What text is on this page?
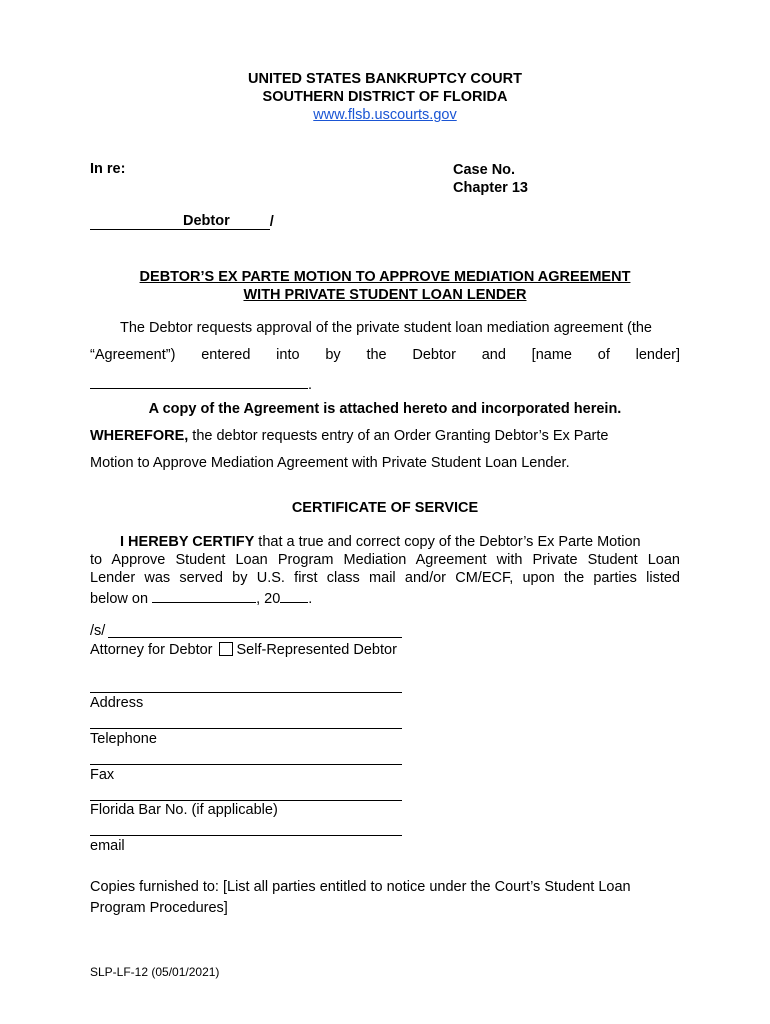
UNITED STATES BANKRUPTCY COURT
SOUTHERN DISTRICT OF FLORIDA
www.flsb.uscourts.gov
In re:	Case No.
Chapter 13
Debtor	/
DEBTOR’S EX PARTE MOTION TO APPROVE MEDIATION AGREEMENT
WITH PRIVATE STUDENT LOAN LENDER
The Debtor requests approval of the private student loan mediation agreement (the
“Agreement”) entered into by the Debtor and [name of lender]
.
A copy of the Agreement is attached hereto and incorporated herein.
WHEREFORE, the debtor requests entry of an Order Granting Debtor’s Ex Parte
Motion to Approve Mediation Agreement with Private Student Loan Lender.
CERTIFICATE OF SERVICE
I HEREBY CERTIFY that a true and correct copy of the Debtor’s Ex Parte Motion
to Approve Student Loan Program Mediation Agreement with Private Student Loan
Lender was served by U.S. first class mail and/or CM/ECF, upon the parties listed
below on	, 20 .
/s/
Attorney for Debtor Self-Represented Debtor
Address
Telephone
Fax
Florida Bar No. (if applicable)
email
Copies furnished to: [List all parties entitled to notice under the Court’s Student Loan
Program Procedures]
SLP-LF-12 (05/01/2021)
